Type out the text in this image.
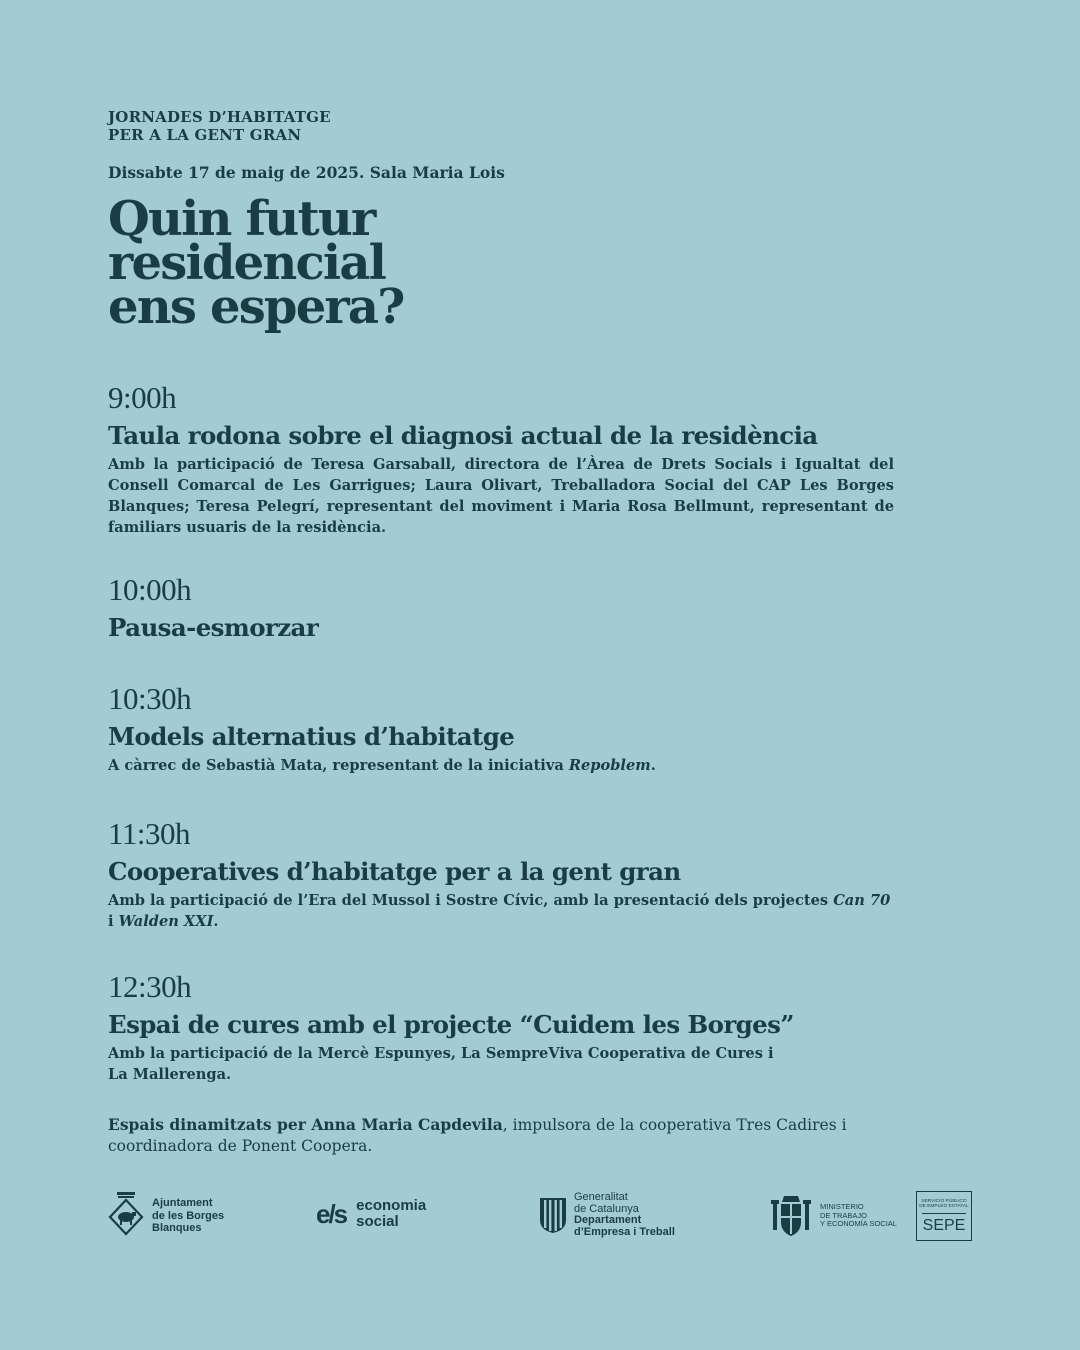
JORNADES D’HABITATGE
PER A LA GENT GRAN
Dissabte 17 de maig de 2025. Sala Maria Lois
Quin futur
residencial
ens espera?
9:00h
Taula rodona sobre el diagnosi actual de la residència
Amb la participació de Teresa Garsaball, directora de l’Àrea de Drets Socials i Igualtat del Consell Comarcal de Les Garrigues; Laura Olivart, Treballadora Social del CAP Les Borges Blanques; Teresa Pelegrí, representant del moviment i Maria Rosa Bellmunt, representant de familiars usuaris de la residència.
10:00h
Pausa-esmorzar
10:30h
Models alternatius d’habitatge
A càrrec de Sebastià Mata, representant de la iniciativa Repoblem.
11:30h
Cooperatives d’habitatge per a la gent gran
Amb la participació de l’Era del Mussol i Sostre Cívic, amb la presentació dels projectes Can 70 i Walden XXI.
12:30h
Espai de cures amb el projecte “Cuidem les Borges”
Amb la participació de la Mercè Espunyes, La SempreViva Cooperativa de Cures i
La Mallerenga.
Espais dinamitzats per Anna Maria Capdevila, impulsora de la cooperativa Tres Cadires i coordinadora de Ponent Coopera.
Ajuntament
de les Borges
Blanques	e/s economia
social
Generalitat
de Catalunya
Departament
d’Empresa i Treball
MINISTERIO
DE TRABAJO
Y ECONOMÍA SOCIAL
SERVICIO PÚBLICO
DE EMPLEO ESTATAL
SEPE
